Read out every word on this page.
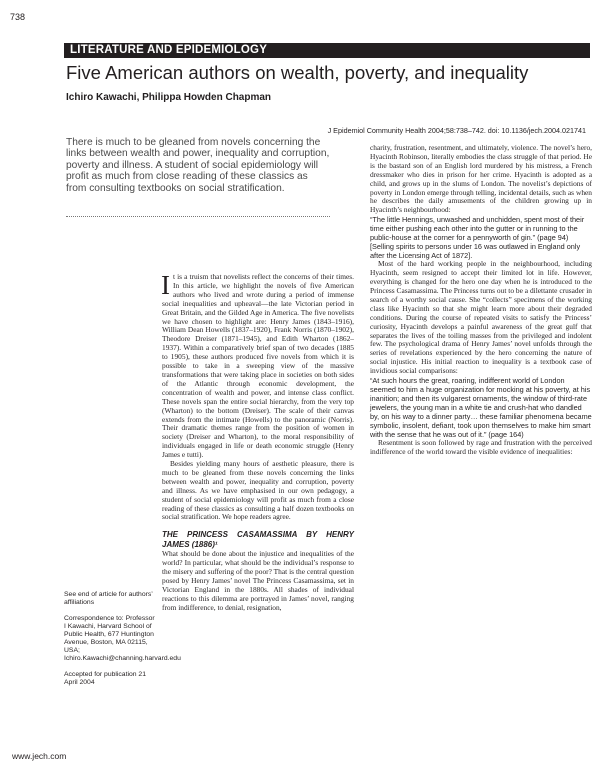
738
LITERATURE AND EPIDEMIOLOGY
Five American authors on wealth, poverty, and inequality
Ichiro Kawachi, Philippa Howden Chapman
J Epidemiol Community Health 2004;58:738–742. doi: 10.1136/jech.2004.021741

There is much to be gleaned from novels concerning the links between wealth and power, inequality and corruption, poverty and illness. A student of social epidemiology will profit as much from close reading of these classics as from consulting textbooks on social stratification.

It is a truism that novelists reflect the concerns of their times. In this article, we highlight the novels of five American authors who lived and wrote during a period of immense social inequalities and upheaval—the late Victorian period in Great Britain, and the Gilded Age in America. The five novelists we have chosen to highlight are: Henry James (1843–1916), William Dean Howells (1837–1920), Frank Norris (1870–1902), Theodore Dreiser (1871–1945), and Edith Wharton (1862–1937). Within a comparatively brief span of two decades (1885 to 1905), these authors produced five novels from which it is possible to take in a sweeping view of the massive transformations that were taking place in societies on both sides of the Atlantic through economic development, the concentration of wealth and power, and intense class conflict. These novels span the entire social hierarchy, from the very top (Wharton) to the bottom (Dreiser). The scale of their canvas extends from the intimate (Howells) to the panoramic (Norris). Their dramatic themes range from the position of women in society (Dreiser and Wharton), to the moral responsibility of individuals engaged in life or death economic struggle (Henry James e tutti).

Besides yielding many hours of aesthetic pleasure, there is much to be gleaned from these novels concerning the links between wealth and power, inequality and corruption, poverty and illness. As we have emphasised in our own pedagogy, a student of social epidemiology will profit as much from a close reading of these classics as consulting a half dozen textbooks on social stratification. We hope readers agree.

THE PRINCESS CASAMASSIMA BY HENRY JAMES (1886)¹

What should be done about the injustice and inequalities of the world? In particular, what should be the individual’s response to the misery and suffering of the poor? That is the central question posed by Henry James’ novel The Princess Casamassima, set in Victorian England in the 1880s. All shades of individual reactions to this dilemma are portrayed in James’ novel, ranging from indifference, to denial, resignation,

charity, frustration, resentment, and ultimately, violence. The novel’s hero, Hyacinth Robinson, literally embodies the class struggle of that period. He is the bastard son of an English lord murdered by his mistress, a French dressmaker who dies in prison for her crime. Hyacinth is adopted as a child, and grows up in the slums of London. The novelist’s depictions of poverty in London emerge through telling, incidental details, such as when he describes the daily amusements of the children growing up in Hyacinth’s neighbourhood:

“The little Hennings, unwashed and unchidden, spent most of their time either pushing each other into the gutter or in running to the public-house at the corner for a pennyworth of gin.” (page 94) [Selling spirits to persons under 16 was outlawed in England only after the Licensing Act of 1872].

Most of the hard working people in the neighbourhood, including Hyacinth, seem resigned to accept their limited lot in life. However, everything is changed for the hero one day when he is introduced to the Princess Casamassima. The Princess turns out to be a dilettante crusader in search of a worthy social cause. She “collects” specimens of the working class like Hyacinth so that she might learn more about their degraded conditions. During the course of repeated visits to satisfy the Princess’ curiosity, Hyacinth develops a painful awareness of the great gulf that separates the lives of the toiling masses from the privileged and indolent few. The psychological drama of Henry James’ novel unfolds through the series of revelations experienced by the hero concerning the nature of social injustice. His initial reaction to inequality is a textbook case of invidious social comparisons:

“At such hours the great, roaring, indifferent world of London seemed to him a huge organization for mocking at his poverty, at his inanition; and then its vulgarest ornaments, the window of third-rate jewelers, the young man in a white tie and crush-hat who dandled by, on his way to a dinner party… these familiar phenomena became symbolic, insolent, defiant, took upon themselves to make him smart with the sense that he was out of it.” (page 164)

Resentment is soon followed by rage and frustration with the perceived indifference of the world toward the visible evidence of inequalities:

See end of article for authors’ affiliations
Correspondence to: Professor I Kawachi, Harvard School of Public Health, 677 Huntington Avenue, Boston, MA 02115, USA; Ichiro.Kawachi@channing.harvard.edu
Accepted for publication 21 April 2004
www.jech.com
